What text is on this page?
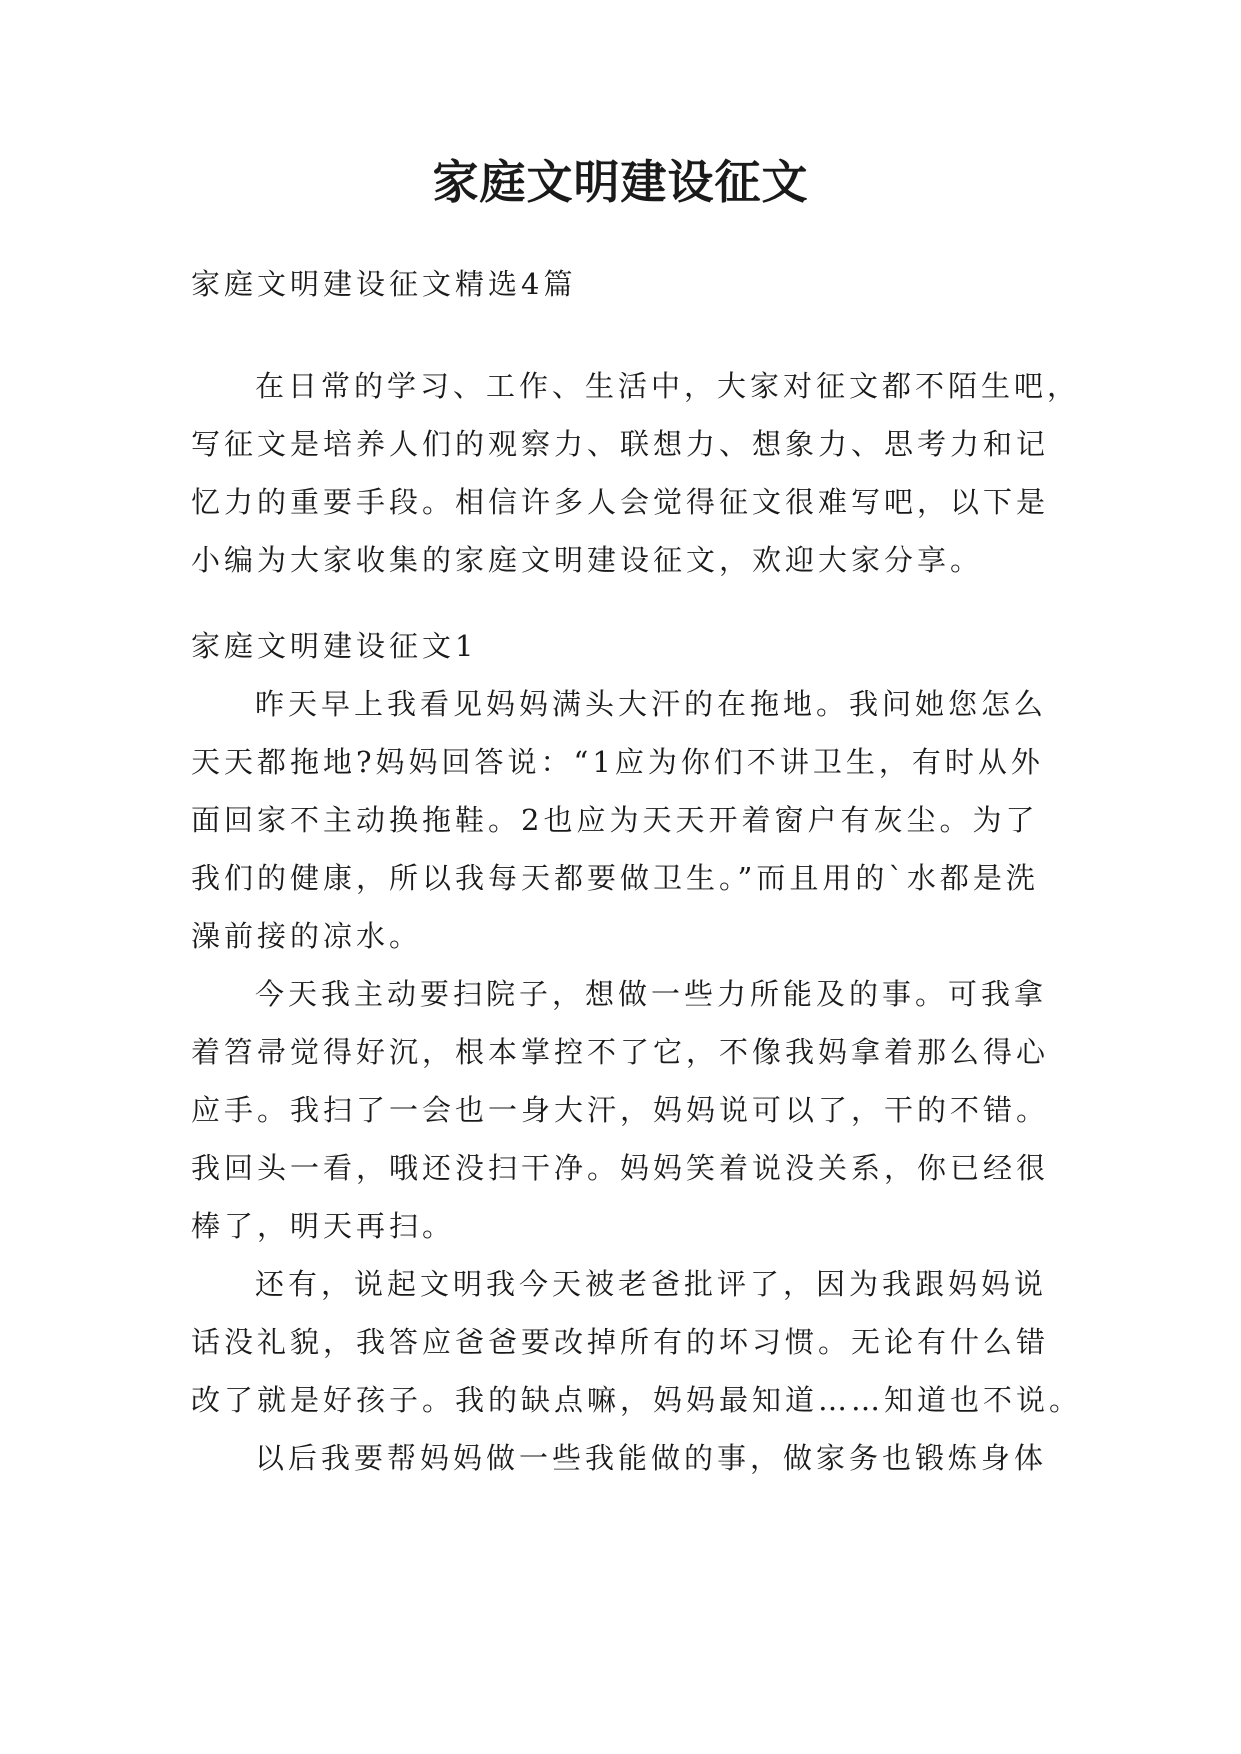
家庭文明建设征文
家庭文明建设征文精选4篇
在日常的学习、工作、生活中，大家对征文都不陌生吧，
写征文是培养人们的观察力、联想力、想象力、思考力和记
忆力的重要手段。相信许多人会觉得征文很难写吧，以下是
小编为大家收集的家庭文明建设征文，欢迎大家分享。
家庭文明建设征文1
昨天早上我看见妈妈满头大汗的在拖地。我问她您怎么
天天都拖地?妈妈回答说：“1应为你们不讲卫生，有时从外
面回家不主动换拖鞋。2也应为天天开着窗户有灰尘。为了
我们的健康，所以我每天都要做卫生。”而且用的`水都是洗
澡前接的凉水。
今天我主动要扫院子，想做一些力所能及的事。可我拿
着笤帚觉得好沉，根本掌控不了它，不像我妈拿着那么得心
应手。我扫了一会也一身大汗，妈妈说可以了，干的不错。
我回头一看，哦还没扫干净。妈妈笑着说没关系，你已经很
棒了，明天再扫。
还有，说起文明我今天被老爸批评了，因为我跟妈妈说
话没礼貌，我答应爸爸要改掉所有的坏习惯。无论有什么错
改了就是好孩子。我的缺点嘛，妈妈最知道……知道也不说。
以后我要帮妈妈做一些我能做的事，做家务也锻炼身体
